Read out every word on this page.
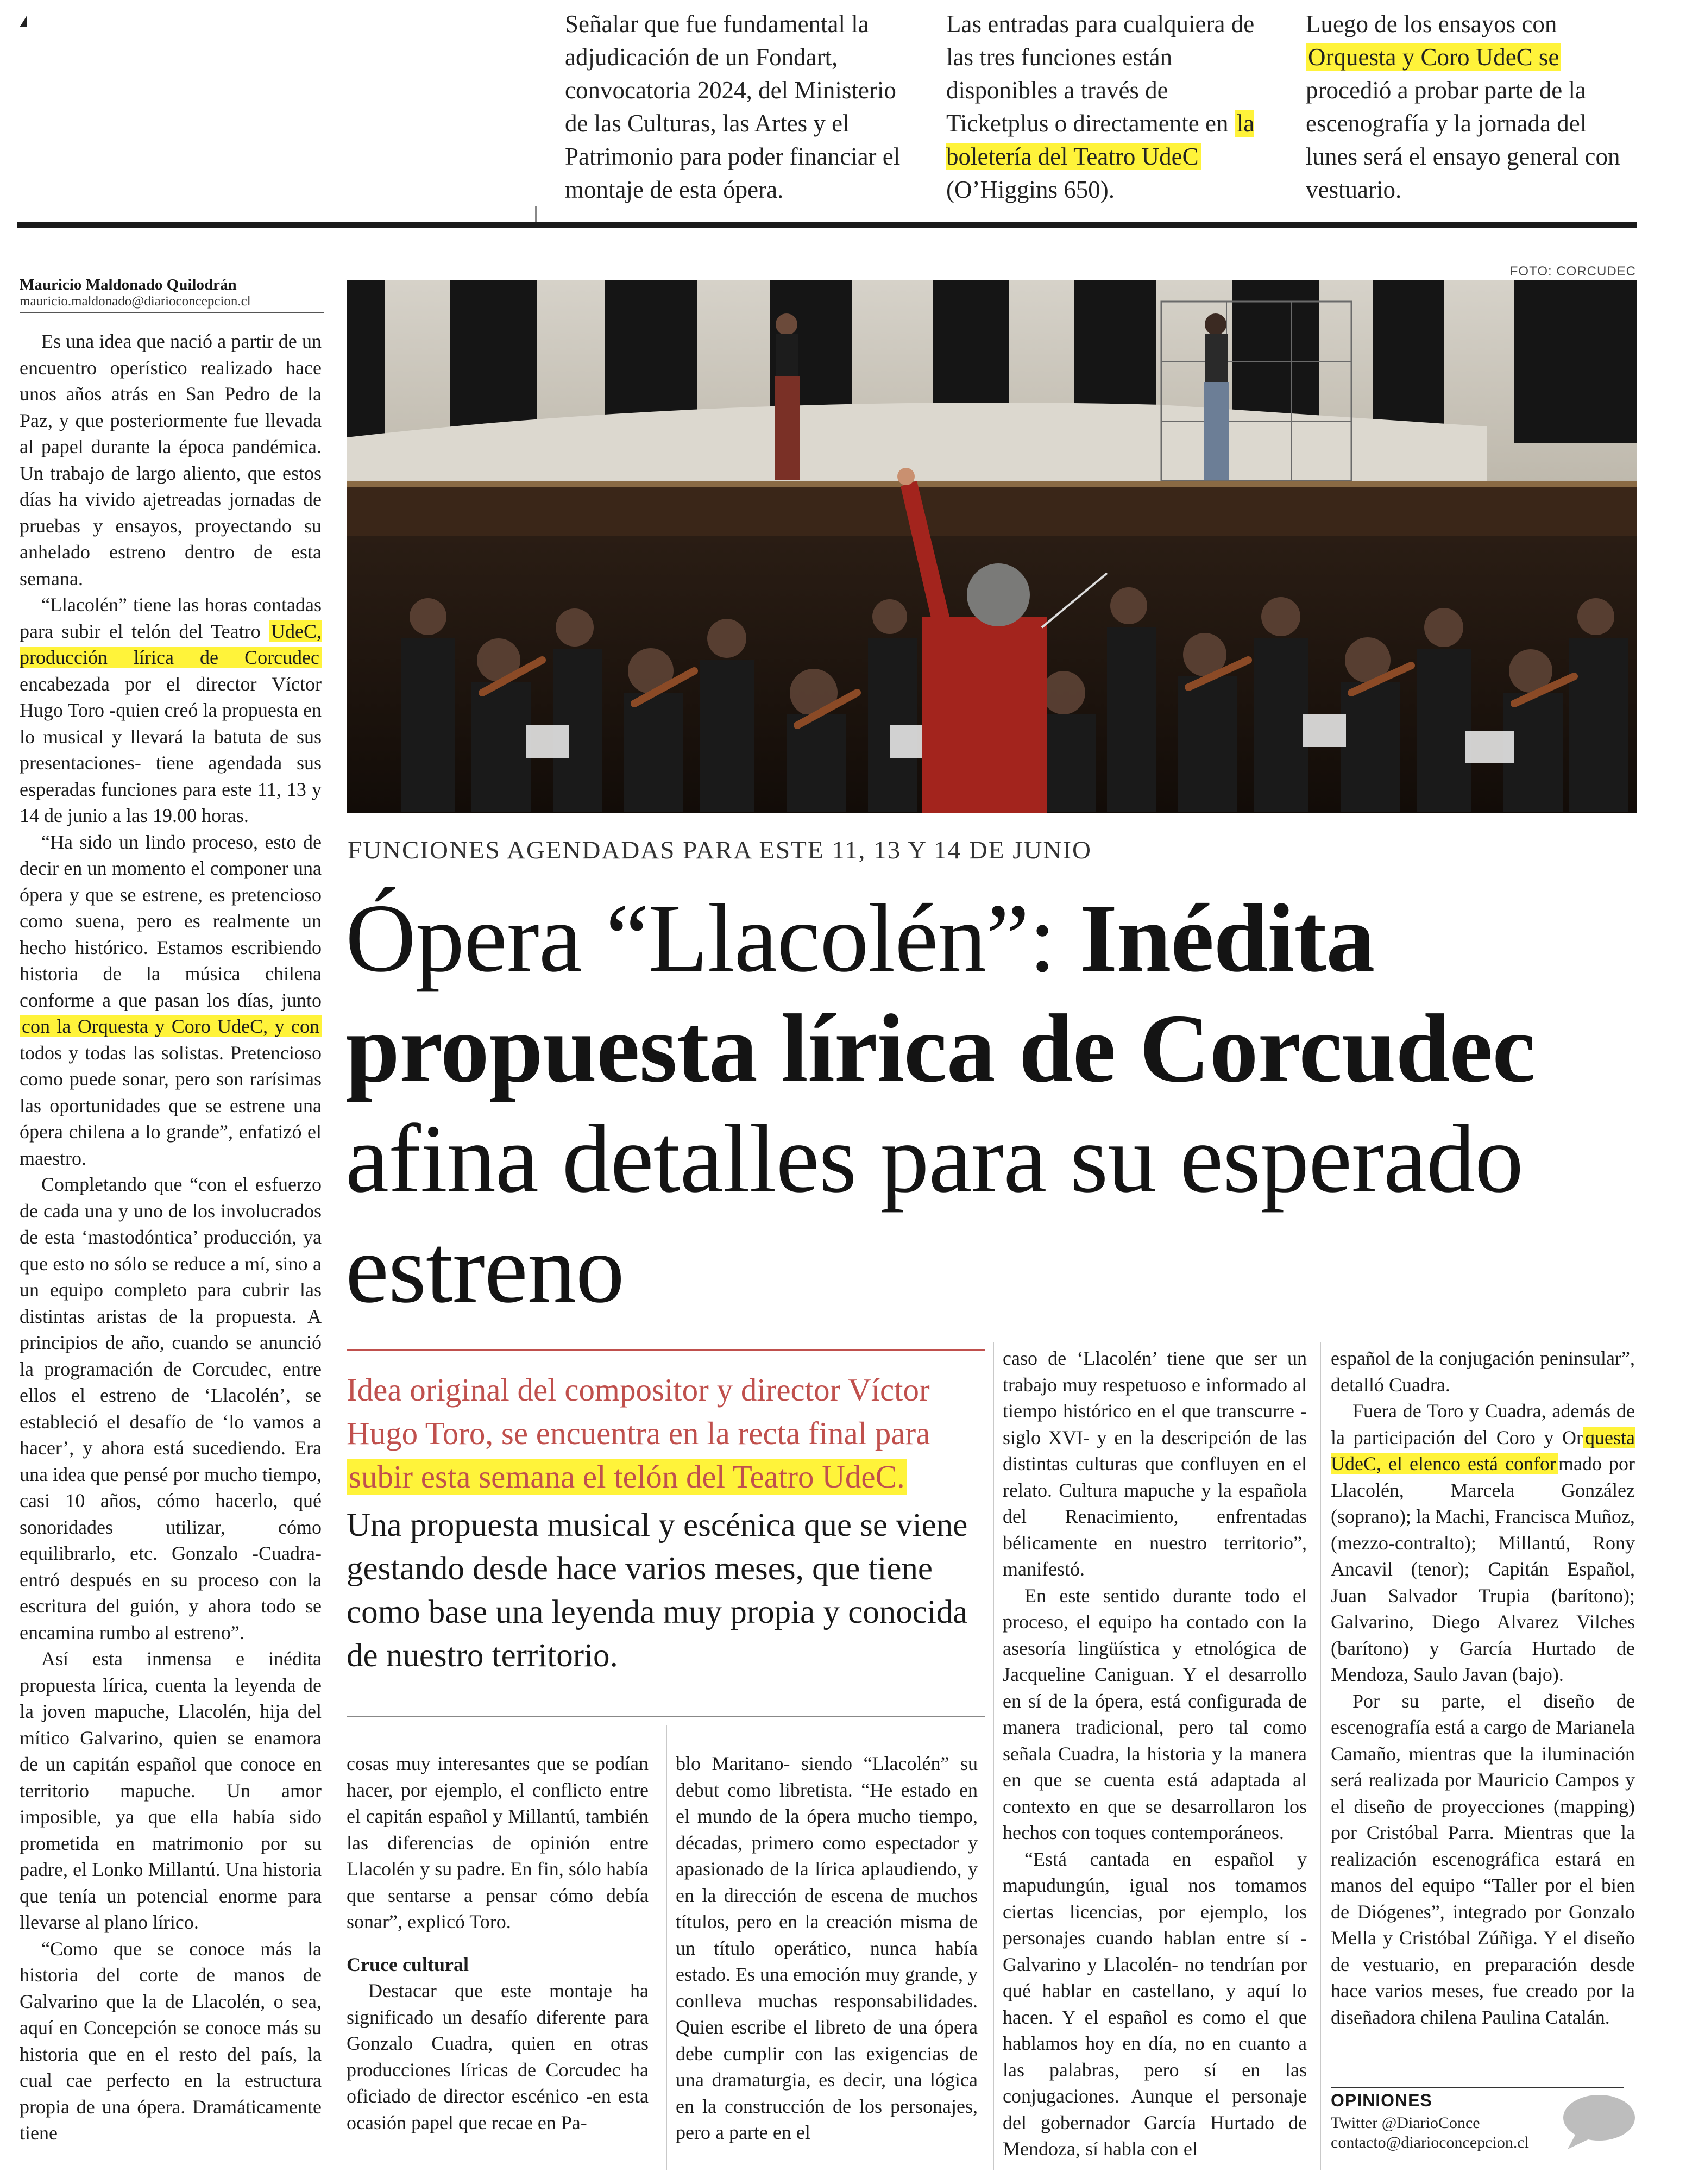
Señalar que fue fundamental la adjudicación de un Fondart, convocatoria 2024, del Ministerio de las Culturas, las Artes y el Patrimonio para poder financiar el montaje de esta ópera.

Las entradas para cualquiera de las tres funciones están disponibles a través de Ticketplus o directamente en la boletería del Teatro UdeC (O’Higgins 650).

Luego de los ensayos con Orquesta y Coro UdeC se procedió a probar parte de la escenografía y la jornada del lunes será el ensayo general con vestuario.

Mauricio Maldonado Quilodrán
mauricio.maldonado@diarioconcepcion.cl
FOTO: CORCUDEC
FUNCIONES AGENDADAS PARA ESTE 11, 13 Y 14 DE JUNIO
Ópera “Llacolén”: Inédita propuesta lírica de Corcudec afina detalles para su esperado estreno
Idea original del compositor y director Víctor Hugo Toro, se encuentra en la recta final para subir esta semana el telón del Teatro UdeC.
Una propuesta musical y escénica que se viene gestando desde hace varios meses, que tiene como base una leyenda muy propia y conocida de nuestro territorio.

Es una idea que nació a partir de un encuentro operístico realizado hace unos años atrás en San Pedro de la Paz, y que posteriormente fue llevada al papel durante la época pandémica. Un trabajo de largo aliento, que estos días ha vivido ajetreadas jornadas de pruebas y ensayos, proyectando su anhelado estreno dentro de esta semana.

“Llacolén” tiene las horas contadas para subir el telón del Teatro UdeC, producción lírica de Corcudec encabezada por el director Víctor Hugo Toro -quien creó la propuesta en lo musical y llevará la batuta de sus presentaciones- tiene agendada sus esperadas funciones para este 11, 13 y 14 de junio a las 19.00 horas.

“Ha sido un lindo proceso, esto de decir en un momento el componer una ópera y que se estrene, es pretencioso como suena, pero es realmente un hecho histórico. Estamos escribiendo historia de la música chilena conforme a que pasan los días, junto con la Orquesta y Coro UdeC, y con todos y todas las solistas. Pretencioso como puede sonar, pero son rarísimas las oportunidades que se estrene una ópera chilena a lo grande”, enfatizó el maestro.

Completando que “con el esfuerzo de cada una y uno de los involucrados de esta ‘mastodóntica’ producción, ya que esto no sólo se reduce a mí, sino a un equipo completo para cubrir las distintas aristas de la propuesta. A principios de año, cuando se anunció la programación de Corcudec, entre ellos el estreno de ‘Llacolén’, se estableció el desafío de ‘lo vamos a hacer’, y ahora está sucediendo. Era una idea que pensé por mucho tiempo, casi 10 años, cómo hacerlo, qué sonoridades utilizar, cómo equilibrarlo, etc. Gonzalo -Cuadra- entró después en su proceso con la escritura del guión, y ahora todo se encamina rumbo al estreno”.

Así esta inmensa e inédita propuesta lírica, cuenta la leyenda de la joven mapuche, Llacolén, hija del mítico Galvarino, quien se enamora de un capitán español que conoce en territorio mapuche. Un amor imposible, ya que ella había sido prometida en matrimonio por su padre, el Lonko Millantú. Una historia que tenía un potencial enorme para llevarse al plano lírico.

“Como que se conoce más la historia del corte de manos de Galvarino que la de Llacolén, o sea, aquí en Concepción se conoce más su historia que en el resto del país, la cual cae perfecto en la estructura propia de una ópera. Dramáticamente tiene

cosas muy interesantes que se podían hacer, por ejemplo, el conflicto entre el capitán español y Millantú, también las diferencias de opinión entre Llacolén y su padre. En fin, sólo había que sentarse a pensar cómo debía sonar”, explicó Toro.

Cruce cultural

Destacar que este montaje ha significado un desafío diferente para Gonzalo Cuadra, quien en otras producciones líricas de Corcudec ha oficiado de director escénico -en esta ocasión papel que recae en Pa-

blo Maritano- siendo “Llacolén” su debut como libretista. “He estado en el mundo de la ópera mucho tiempo, décadas, primero como espectador y apasionado de la lírica aplaudiendo, y en la dirección de escena de muchos títulos, pero en la creación misma de un título operático, nunca había estado. Es una emoción muy grande, y conlleva muchas responsabilidades. Quien escribe el libreto de una ópera debe cumplir con las exigencias de una dramaturgia, es decir, una lógica en la construcción de los personajes, pero a parte en el

caso de ‘Llacolén’ tiene que ser un trabajo muy respetuoso e informado al tiempo histórico en el que transcurre -siglo XVI- y en la descripción de las distintas culturas que confluyen en el relato. Cultura mapuche y la española del Renacimiento, enfrentadas bélicamente en nuestro territorio”, manifestó.

En este sentido durante todo el proceso, el equipo ha contado con la asesoría lingüística y etnológica de Jacqueline Caniguan. Y el desarrollo en sí de la ópera, está configurada de manera tradicional, pero tal como señala Cuadra, la historia y la manera en que se cuenta está adaptada al contexto en que se desarrollaron los hechos con toques contemporáneos.

“Está cantada en español y mapudungún, igual nos tomamos ciertas licencias, por ejemplo, los personajes cuando hablan entre sí -Galvarino y Llacolén- no tendrían por qué hablar en castellano, y aquí lo hacen. Y el español es como el que hablamos hoy en día, no en cuanto a las palabras, pero sí en las conjugaciones. Aunque el personaje del gobernador García Hurtado de Mendoza, sí habla con el

español de la conjugación peninsular”, detalló Cuadra.

Fuera de Toro y Cuadra, además de la participación del Coro y Or questa UdeC, el elenco está confor mado por Llacolén, Marcela González (soprano); la Machi, Francisca Muñoz, (mezzo-contralto); Millantú, Rony Ancavil (tenor); Capitán Español, Juan Salvador Trupia (barítono); Galvarino, Diego Alvarez Vilches (barítono) y García Hurtado de Mendoza, Saulo Javan (bajo).

Por su parte, el diseño de escenografía está a cargo de Marianela Camaño, mientras que la iluminación será realizada por Mauricio Campos y el diseño de proyecciones (mapping) por Cristóbal Parra. Mientras que la realización escenográfica estará en manos del equipo “Taller por el bien de Diógenes”, integrado por Gonzalo Mella y Cristóbal Zúñiga. Y el diseño de vestuario, en preparación desde hace varios meses, fue creado por la diseñadora chilena Paulina Catalán.

OPINIONES
Twitter @DiarioConce
contacto@diarioconcepcion.cl
